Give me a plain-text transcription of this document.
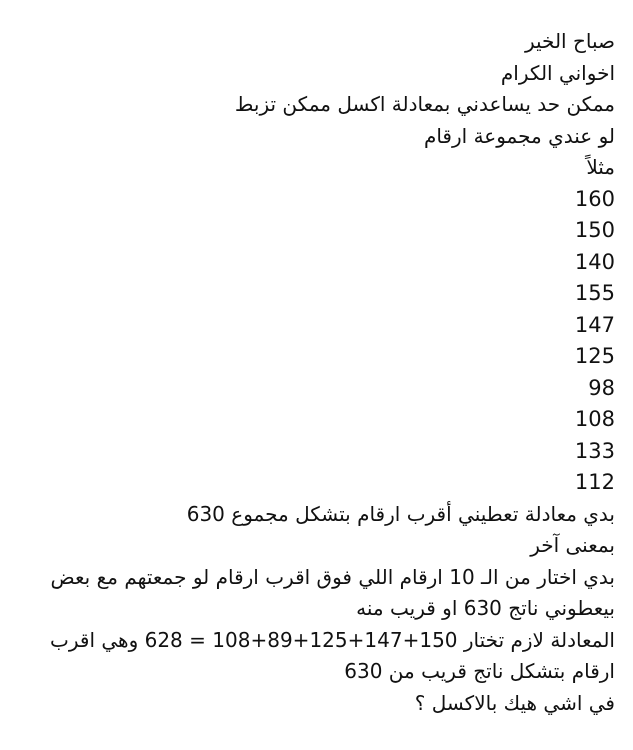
صباح الخير
اخواني الكرام
ممكن حد يساعدني بمعادلة اكسل ممكن تزبط
لو عندي مجموعة ارقام
مثلاً
160
150
140
155
147
125
98
108
133
112
بدي معادلة تعطيني أقرب ارقام بتشكل مجموع 630
بمعنى آخر
بدي اختار من الـ 10 ارقام اللي فوق اقرب ارقام لو جمعتهم مع بعض بيعطوني ناتج 630 او قريب منه
المعادلة لازم تختار 150+147+125+89+108 = 628 وهي اقرب ارقام بتشكل ناتج قريب من 630
في اشي هيك بالاكسل ؟
